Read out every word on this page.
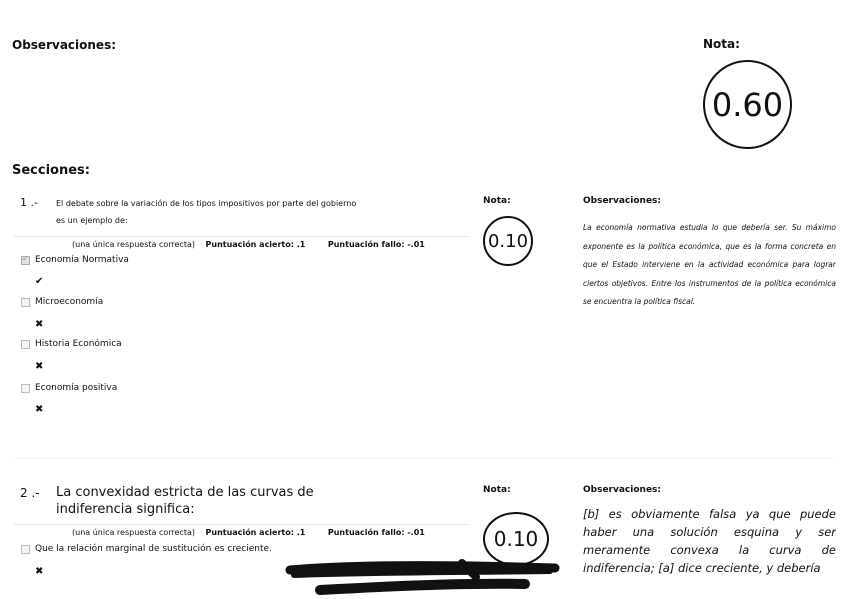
Observaciones:	Nota:
0.60
Secciones:
1 .- El debate sobre la variación de los tipos impositivos por parte del gobierno
es un ejemplo de:
(una única respuesta correcta) Puntuación acierto: .1	Puntuación fallo: -.01
✓
Economía Normativa
✔
Microeconomía
✖
Historia Económica
✖
Economía positiva
✖
Nota:
0.10
Observaciones:
La economía normativa estudia lo que debería ser. Su máximo exponente es la política económica, que es la forma concreta en que el Estado interviene en la actividad económica para lograr ciertos objetivos. Entre los instrumentos de la política económica se encuentra la política fiscal.
2 .- La convexidad estricta de las curvas de
indiferencia significa:
(una única respuesta correcta) Puntuación acierto: .1	Puntuación fallo: -.01
Que la relación marginal de sustitución es creciente.
✖
Nota:
0.10
Observaciones:
[b] es obviamente falsa ya que puede haber una solución esquina y ser meramente convexa la curva de indiferencia; [a] dice creciente, y debería
